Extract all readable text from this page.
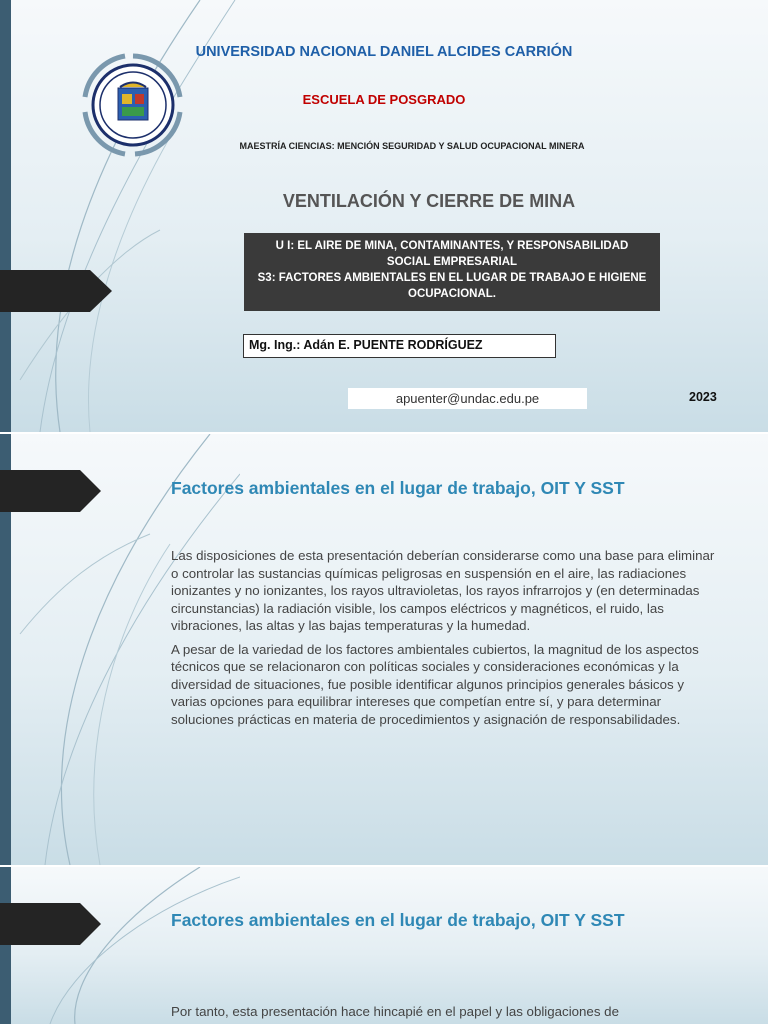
UNIVERSIDAD NACIONAL DANIEL ALCIDES CARRIÓN
ESCUELA DE POSGRADO
MAESTRÍA CIENCIAS: MENCIÓN SEGURIDAD Y SALUD OCUPACIONAL MINERA
VENTILACIÓN Y CIERRE DE MINA
U I: EL AIRE DE MINA, CONTAMINANTES, Y RESPONSABILIDAD
SOCIAL EMPRESARIAL
S3: FACTORES AMBIENTALES EN EL LUGAR DE TRABAJO E HIGIENE
OCUPACIONAL.
Mg. Ing.: Adán E. PUENTE RODRÍGUEZ
apuenter@undac.edu.pe	2023
Factores ambientales en el lugar de trabajo, OIT Y SST

Las disposiciones de esta presentación deberían considerarse como una base para eliminar o controlar las sustancias químicas peligrosas en suspensión en el aire, las radiaciones ionizantes y no ionizantes, los rayos ultravioletas, los rayos infrarrojos y (en determinadas circunstancias) la radiación visible, los campos eléctricos y magnéticos, el ruido, las vibraciones, las altas y las bajas temperaturas y la humedad.

A pesar de la variedad de los factores ambientales cubiertos, la magnitud de los aspectos técnicos que se relacionaron con políticas sociales y consideraciones económicas y la diversidad de situaciones, fue posible identificar algunos principios generales básicos y varias opciones para equilibrar intereses que competían entre sí, y para determinar soluciones prácticas en materia de procedimientos y asignación de responsabilidades.

Factores ambientales en el lugar de trabajo, OIT Y SST

Por tanto, esta presentación hace hincapié en el papel y las obligaciones de
